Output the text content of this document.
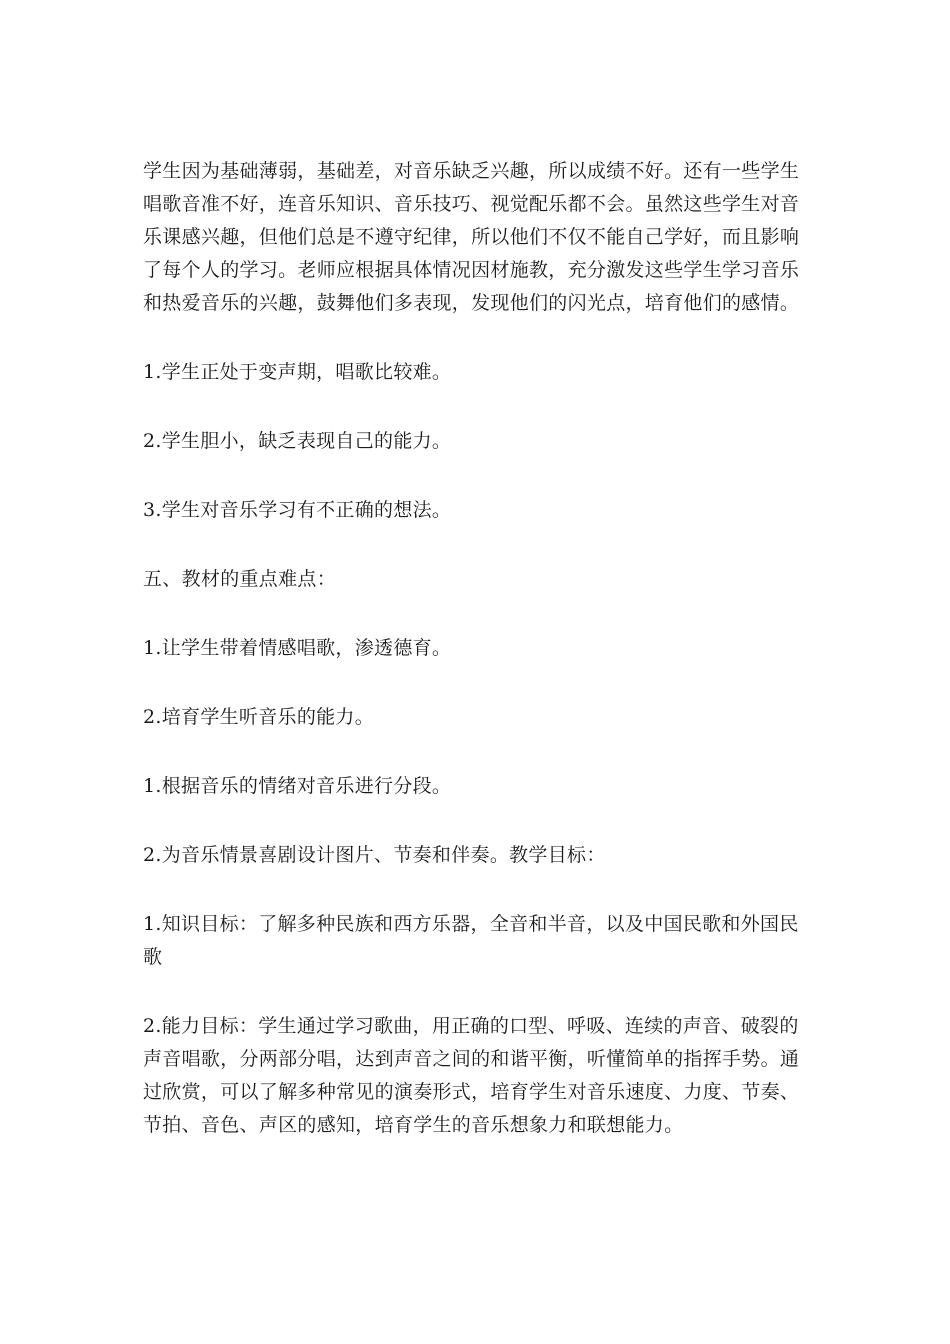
学生因为基础薄弱，基础差，对音乐缺乏兴趣，所以成绩不好。还有一些学生唱歌音准不好，连音乐知识、音乐技巧、视觉配乐都不会。虽然这些学生对音乐课感兴趣，但他们总是不遵守纪律，所以他们不仅不能自己学好，而且影响了每个人的学习。老师应根据具体情况因材施教，充分激发这些学生学习音乐和热爱音乐的兴趣，鼓舞他们多表现，发现他们的闪光点，培育他们的感情。

1.学生正处于变声期，唱歌比较难。

2.学生胆小，缺乏表现自己的能力。

3.学生对音乐学习有不正确的想法。

五、教材的重点难点：

1.让学生带着情感唱歌，渗透德育。

2.培育学生听音乐的能力。

1.根据音乐的情绪对音乐进行分段。

2.为音乐情景喜剧设计图片、节奏和伴奏。教学目标：

1.知识目标：了解多种民族和西方乐器，全音和半音，以及中国民歌和外国民歌

2.能力目标：学生通过学习歌曲，用正确的口型、呼吸、连续的声音、破裂的声音唱歌，分两部分唱，达到声音之间的和谐平衡，听懂简单的指挥手势。通过欣赏，可以了解多种常见的演奏形式，培育学生对音乐速度、力度、节奏、节拍、音色、声区的感知，培育学生的音乐想象力和联想能力。
